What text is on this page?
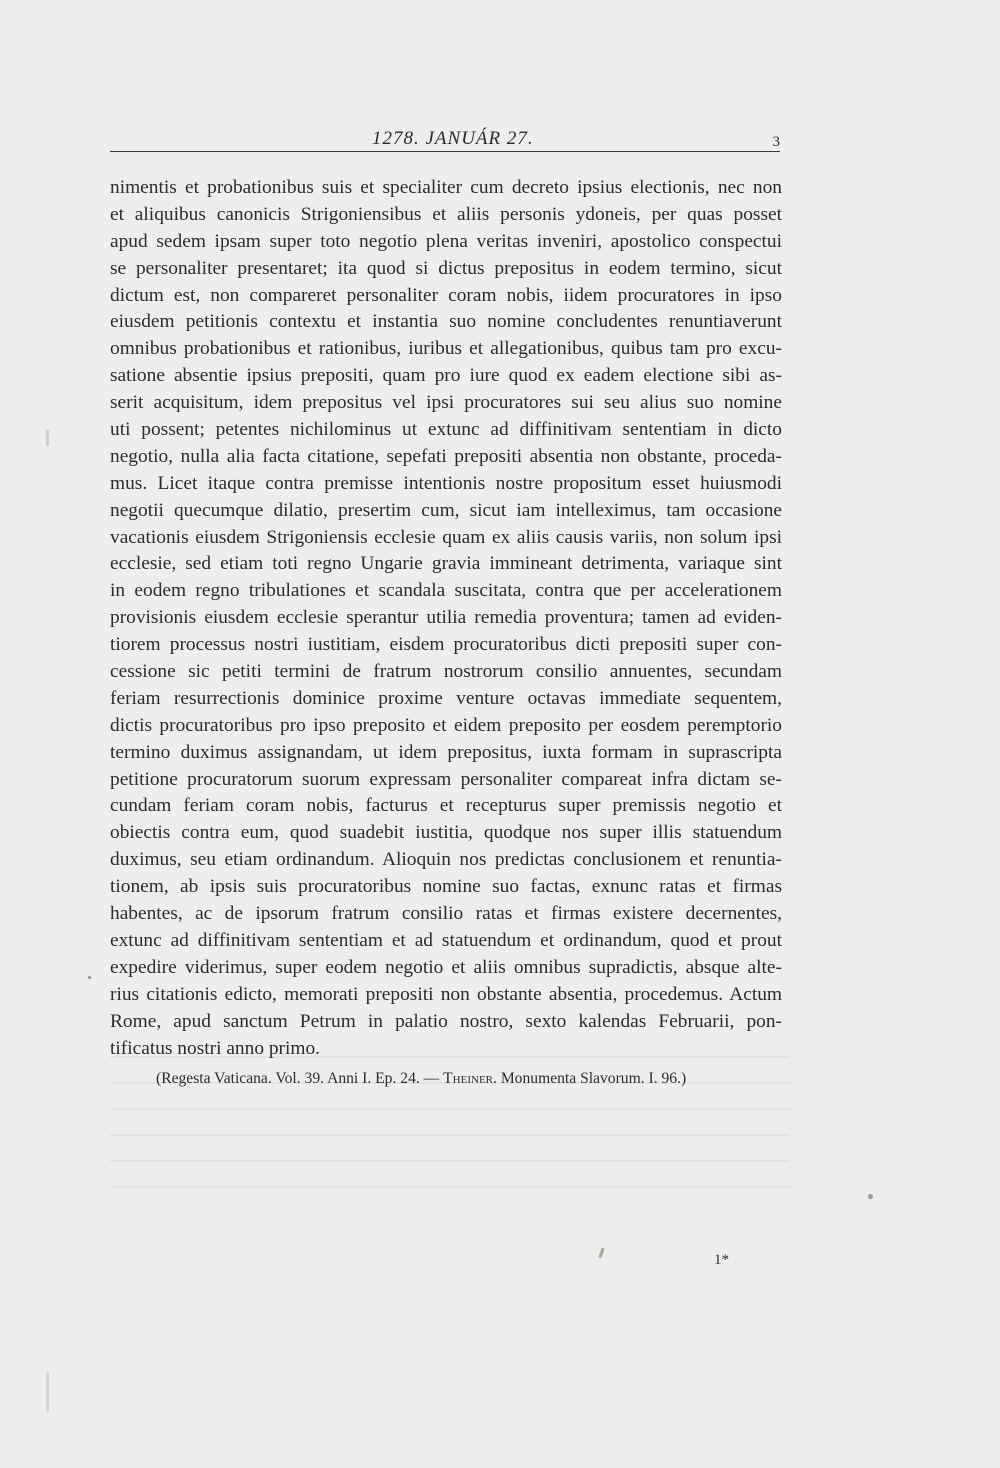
1278. JANUÁR 27.	3
nimentis et probationibus suis et specialiter cum decreto ipsius electionis, nec non
et aliquibus canonicis Strigoniensibus et aliis personis ydoneis, per quas posset
apud sedem ipsam super toto negotio plena veritas inveniri, apostolico conspectui
se personaliter presentaret; ita quod si dictus prepositus in eodem termino, sicut
dictum est, non compareret personaliter coram nobis, iidem procuratores in ipso
eiusdem petitionis contextu et instantia suo nomine concludentes renuntiaverunt
omnibus probationibus et rationibus, iuribus et allegationibus, quibus tam pro excu-
satione absentie ipsius prepositi, quam pro iure quod ex eadem electione sibi as-
serit acquisitum, idem prepositus vel ipsi procuratores sui seu alius suo nomine
uti possent; petentes nichilominus ut extunc ad diffinitivam sententiam in dicto
negotio, nulla alia facta citatione, sepefati prepositi absentia non obstante, proceda-
mus. Licet itaque contra premisse intentionis nostre propositum esset huiusmodi
negotii quecumque dilatio, presertim cum, sicut iam intelleximus, tam occasione
vacationis eiusdem Strigoniensis ecclesie quam ex aliis causis variis, non solum ipsi
ecclesie, sed etiam toti regno Ungarie gravia immineant detrimenta, variaque sint
in eodem regno tribulationes et scandala suscitata, contra que per accelerationem
provisionis eiusdem ecclesie sperantur utilia remedia proventura; tamen ad eviden-
tiorem processus nostri iustitiam, eisdem procuratoribus dicti prepositi super con-
cessione sic petiti termini de fratrum nostrorum consilio annuentes, secundam
feriam resurrectionis dominice proxime venture octavas immediate sequentem,
dictis procuratoribus pro ipso preposito et eidem preposito per eosdem peremptorio
termino duximus assignandam, ut idem prepositus, iuxta formam in suprascripta
petitione procuratorum suorum expressam personaliter compareat infra dictam se-
cundam feriam coram nobis, facturus et recepturus super premissis negotio et
obiectis contra eum, quod suadebit iustitia, quodque nos super illis statuendum
duximus, seu etiam ordinandum. Alioquin nos predictas conclusionem et renuntia-
tionem, ab ipsis suis procuratoribus nomine suo factas, exnunc ratas et firmas
habentes, ac de ipsorum fratrum consilio ratas et firmas existere decernentes,
extunc ad diffinitivam sententiam et ad statuendum et ordinandum, quod et prout
expedire viderimus, super eodem negotio et aliis omnibus supradictis, absque alte-
rius citationis edicto, memorati prepositi non obstante absentia, procedemus. Actum
Rome, apud sanctum Petrum in palatio nostro, sexto kalendas Februarii, pon-
tificatus nostri anno primo.
(Regesta Vaticana. Vol. 39. Anni I. Ep. 24. — Theiner. Monumenta Slavorum. I. 96.)
1*
